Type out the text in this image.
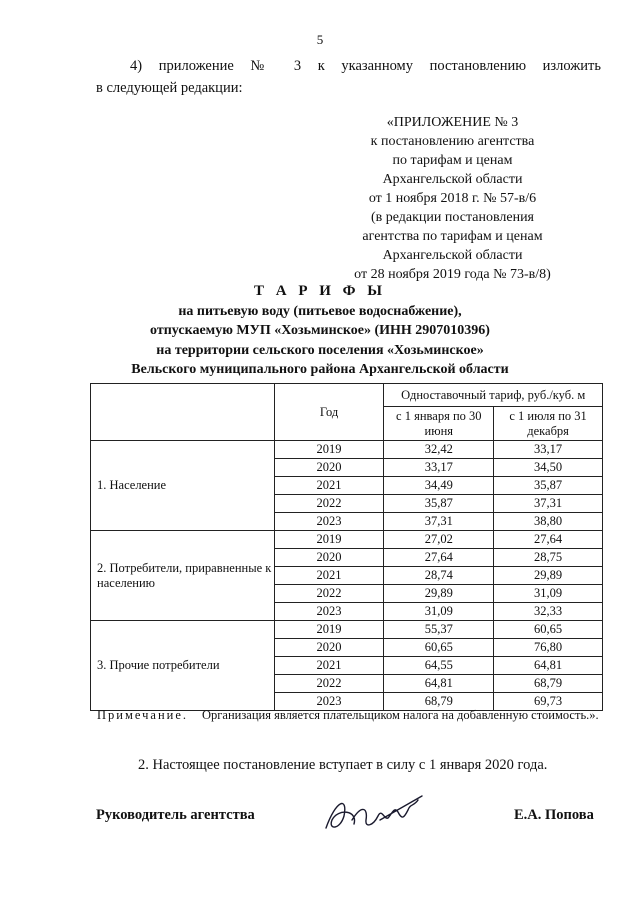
5
4) приложение № 3 к указанному постановлению изложить
в следующей редакции:
«ПРИЛОЖЕНИЕ № 3
к постановлению агентства
по тарифам и ценам
Архангельской области
от 1 ноября 2018 г. № 57-в/6
(в редакции постановления
агентства по тарифам и ценам
Архангельской области
от 28 ноября 2019 года № 73-в/8)
Т А Р И Ф Ы
на питьевую воду (питьевое водоснабжение),
отпускаемую МУП «Хозьминское» (ИНН 2907010396)
на территории сельского поселения «Хозьминское»
Вельского муниципального района Архангельской области
	Год	Одноставочный тариф, руб./куб. м	
		с 1 января по 30 июня	с 1 июля по 31 декабря
1. Население	2019	32,42	33,17
	2020	33,17	34,50
	2021	34,49	35,87
	2022	35,87	37,31
	2023	37,31	38,80
2. Потребители, приравненные к населению	2019	27,02	27,64
	2020	27,64	28,75
	2021	28,74	29,89
	2022	29,89	31,09
	2023	31,09	32,33
3. Прочие потребители	2019	55,37	60,65
	2020	60,65	76,80
	2021	64,55	64,81
	2022	64,81	68,79
	2023	68,79	69,73
Примечание. Организация является плательщиком налога на добавленную стоимость.».
2. Настоящее постановление вступает в силу с 1 января 2020 года.
Руководитель агентства	Е.А. Попова
